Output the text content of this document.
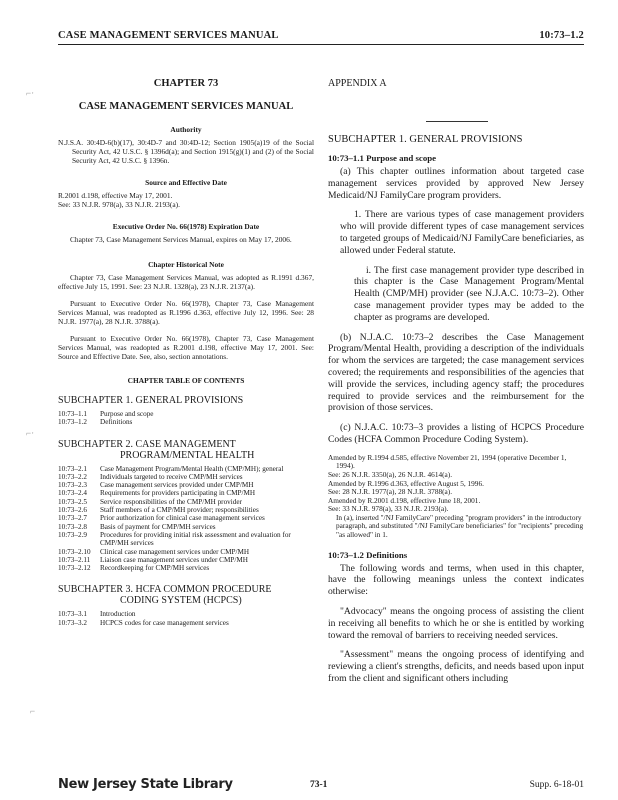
CASE MANAGEMENT SERVICES MANUAL	10:73–1.2
⌐·
⌐·
⌐

CHAPTER 73

CASE MANAGEMENT SERVICES MANUAL

Authority

N.J.S.A. 30:4D-6(b)(17), 30:4D-7 and 30:4D-12; Section 1905(a)19 of the Social Security Act, 42 U.S.C. § 1396d(a); and Section 1915(g)(1) and (2) of the Social Security Act, 42 U.S.C. § 1396n.

Source and Effective Date

R.2001 d.198, effective May 17, 2001.

See: 33 N.J.R. 978(a), 33 N.J.R. 2193(a).

Executive Order No. 66(1978) Expiration Date

Chapter 73, Case Management Services Manual, expires on May 17, 2006.

Chapter Historical Note

Chapter 73, Case Management Services Manual, was adopted as R.1991 d.367, effective July 15, 1991. See: 23 N.J.R. 1328(a), 23 N.J.R. 2137(a).

Pursuant to Executive Order No. 66(1978), Chapter 73, Case Management Services Manual, was readopted as R.1996 d.363, effective July 12, 1996. See: 28 N.J.R. 1977(a), 28 N.J.R. 3788(a).

Pursuant to Executive Order No. 66(1978), Chapter 73, Case Management Services Manual, was readopted as R.2001 d.198, effective May 17, 2001. See: Source and Effective Date. See, also, section annotations.

CHAPTER TABLE OF CONTENTS

SUBCHAPTER 1. GENERAL PROVISIONS

10:73–1.1	Purpose and scope
10:73–1.2	Definitions

SUBCHAPTER 2. CASE MANAGEMENT
PROGRAM/MENTAL HEALTH

10:73–2.1	Case Management Program/Mental Health (CMP/MH); general
10:73–2.2	Individuals targeted to receive CMP/MH services
10:73–2.3	Case management services provided under CMP/MH
10:73–2.4	Requirements for providers participating in CMP/MH
10:73–2.5	Service responsibilities of the CMP/MH provider
10:73–2.6	Staff members of a CMP/MH provider; responsibilities
10:73–2.7	Prior authorization for clinical case management services
10:73–2.8	Basis of payment for CMP/MH services
10:73–2.9	Procedures for providing initial risk assessment and evaluation for CMP/MH services
10:73–2.10	Clinical case management services under CMP/MH
10:73–2.11	Liaison case management services under CMP/MH
10:73–2.12	Recordkeeping for CMP/MH services

SUBCHAPTER 3. HCFA COMMON PROCEDURE
CODING SYSTEM (HCPCS)

10:73–3.1	Introduction
10:73–3.2	HCPCS codes for case management services

APPENDIX A

SUBCHAPTER 1. GENERAL PROVISIONS

10:73–1.1 Purpose and scope

(a) This chapter outlines information about targeted case management services provided by approved New Jersey Medicaid/NJ FamilyCare program providers.

1. There are various types of case management providers who will provide different types of case management services to targeted groups of Medicaid/NJ FamilyCare beneficiaries, as allowed under Federal statute.

i. The first case management provider type described in this chapter is the Case Management Program/Mental Health (CMP/MH) provider (see N.J.A.C. 10:73–2). Other case management provider types may be added to the chapter as programs are developed.

(b) N.J.A.C. 10:73–2 describes the Case Management Program/Mental Health, providing a description of the individuals for whom the services are targeted; the case management services covered; the requirements and responsibilities of the agencies that will provide the services, including agency staff; the procedures required to provide services and the reimbursement for the provision of those services.

(c) N.J.A.C. 10:73–3 provides a listing of HCPCS Procedure Codes (HCFA Common Procedure Coding System).

Amended by R.1994 d.585, effective November 21, 1994 (operative December 1, 1994).

See: 26 N.J.R. 3350(a), 26 N.J.R. 4614(a).

Amended by R.1996 d.363, effective August 5, 1996.

See: 28 N.J.R. 1977(a), 28 N.J.R. 3788(a).

Amended by R.2001 d.198, effective June 18, 2001.

See: 33 N.J.R. 978(a), 33 N.J.R. 2193(a).

In (a), inserted "/NJ FamilyCare" preceding "program providers" in the introductory paragraph, and substituted "/NJ FamilyCare beneficiaries" for "recipients" preceding "as allowed" in 1.

10:73–1.2 Definitions

The following words and terms, when used in this chapter, have the following meanings unless the context indicates otherwise:

"Advocacy" means the ongoing process of assisting the client in receiving all benefits to which he or she is entitled by working toward the removal of barriers to receiving needed services.

"Assessment" means the ongoing process of identifying and reviewing a client's strengths, deficits, and needs based upon input from the client and significant others including

New Jersey State Library	73-1	Supp. 6-18-01
